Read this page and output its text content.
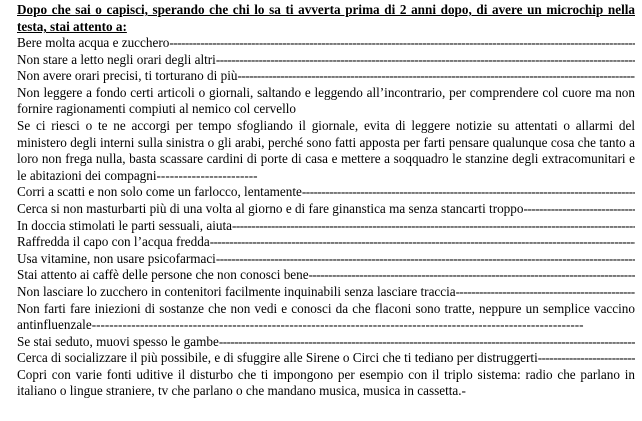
Dopo che sai o capisci, sperando che chi lo sa ti avverta prima di 2 anni dopo, di avere un microchip nella testa, stai attento a:

Bere molta acqua e zucchero
-----
Non stare a letto negli orari degli altri
-----
Non avere orari precisi, ti torturano di più
-----

Non leggere a fondo certi articoli o giornali, saltando e leggendo all’incontrario, per comprendere col cuore ma non fornire ragionamenti compiuti al nemico col cervello

Se ci riesci o te ne accorgi per tempo sfogliando il giornale, evita di leggere notizie su attentati o allarmi del ministero degli interni sulla sinistra o gli arabi, perché sono fatti apposta per farti pensare qualunque cosa che tanto a loro non frega nulla, basta scassare cardini di porte di casa e mettere a soqquadro le stanzine degli extracomunitari e le abitazioni dei compagni-----------------------

Corri a scatti e non solo come un farlocco, lentamente
-----
Cerca si non masturbarti più di una volta al giorno e di fare ginanstica ma senza stancarti troppo
-----
In doccia stimolati le parti sessuali, aiuta
-----
Raffredda il capo con l’acqua fredda
-----
Usa vitamine, non usare psicofarmaci
-----
Stai attento ai caffè delle persone che non conosci bene
-----
Non lasciare lo zucchero in contenitori facilmente inquinabili senza lasciare traccia
-----

Non farti fare iniezioni di sostanze che non vedi e conosci da che flaconi sono tratte, neppure un semplice vaccino antinfluenzale----------------------------------------------------------------------------------------------------------------

Se stai seduto, muovi spesso le gambe
-----
Cerca di socializzare il più possibile, e di sfuggire alle Sirene o Circi che ti tediano per distruggerti
-----

Copri con varie fonti uditive il disturbo che ti impongono per esempio con il triplo sistema: radio che parlano in italiano o lingue straniere, tv che parlano o che mandano musica, musica in cassetta.-
